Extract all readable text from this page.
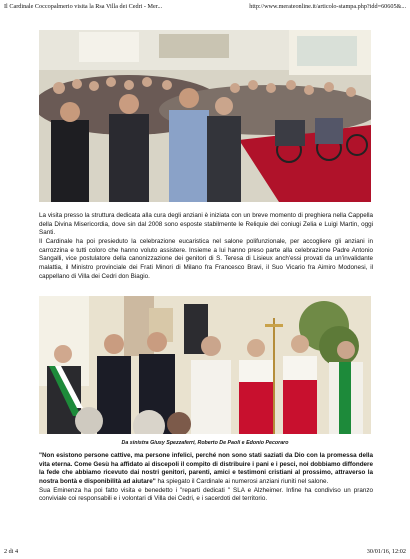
Il Cardinale Coccopalmerio visita la Rsa Villa dei Cedri - Mer...	http://www.merateonline.it/articolo-stampa.php?idd=60605&...

La visita presso la struttura dedicata alla cura degli anziani è iniziata con un breve momento di preghiera nella Cappella della Divina Misericordia, dove sin dal 2008 sono esposte stabilmente le Reliquie dei coniugi Zelia e Luigi Martin, oggi Santi.

Il Cardinale ha poi presieduto la celebrazione eucaristica nel salone polifunzionale, per accogliere gli anziani in carrozzina e tutti coloro che hanno voluto assistere. Insieme a lui hanno preso parte alla celebrazione Padre Antonio Sangalli, vice postulatore della canonizzazione dei genitori di S. Teresa di Lisieux anch'essi provati da un'invalidante malattia, il Ministro provinciale dei Frati Minori di Milano fra Francesco Bravi, il Suo Vicario fra Aimiro Modonesi, il cappellano di Villa dei Cedri don Biagio.

Da sinistra Giusy Spezzaferri, Roberto De Paoli e Edonio Pecoraro

"Non esistono persone cattive, ma persone infelici, perché non sono stati saziati da Dio con la promessa della vita eterna. Come Gesù ha affidato ai discepoli il compito di distribuire i pani e i pesci, noi dobbiamo diffondere la fede che abbiamo ricevuto dai nostri genitori, parenti, amici e testimoni cristiani al prossimo, attraverso la nostra bontà e disponibilità ad aiutare" ha spiegato il Cardinale ai numerosi anziani riuniti nel salone.

Sua Eminenza ha poi fatto visita e benedetto i "reparti dedicati " SLA e Alzheimer. Infine ha condiviso un pranzo conviviale coi responsabili e i volontari di Villa dei Cedri, e i sacerdoti del territorio.

2 di 4	30/01/16, 12:02
